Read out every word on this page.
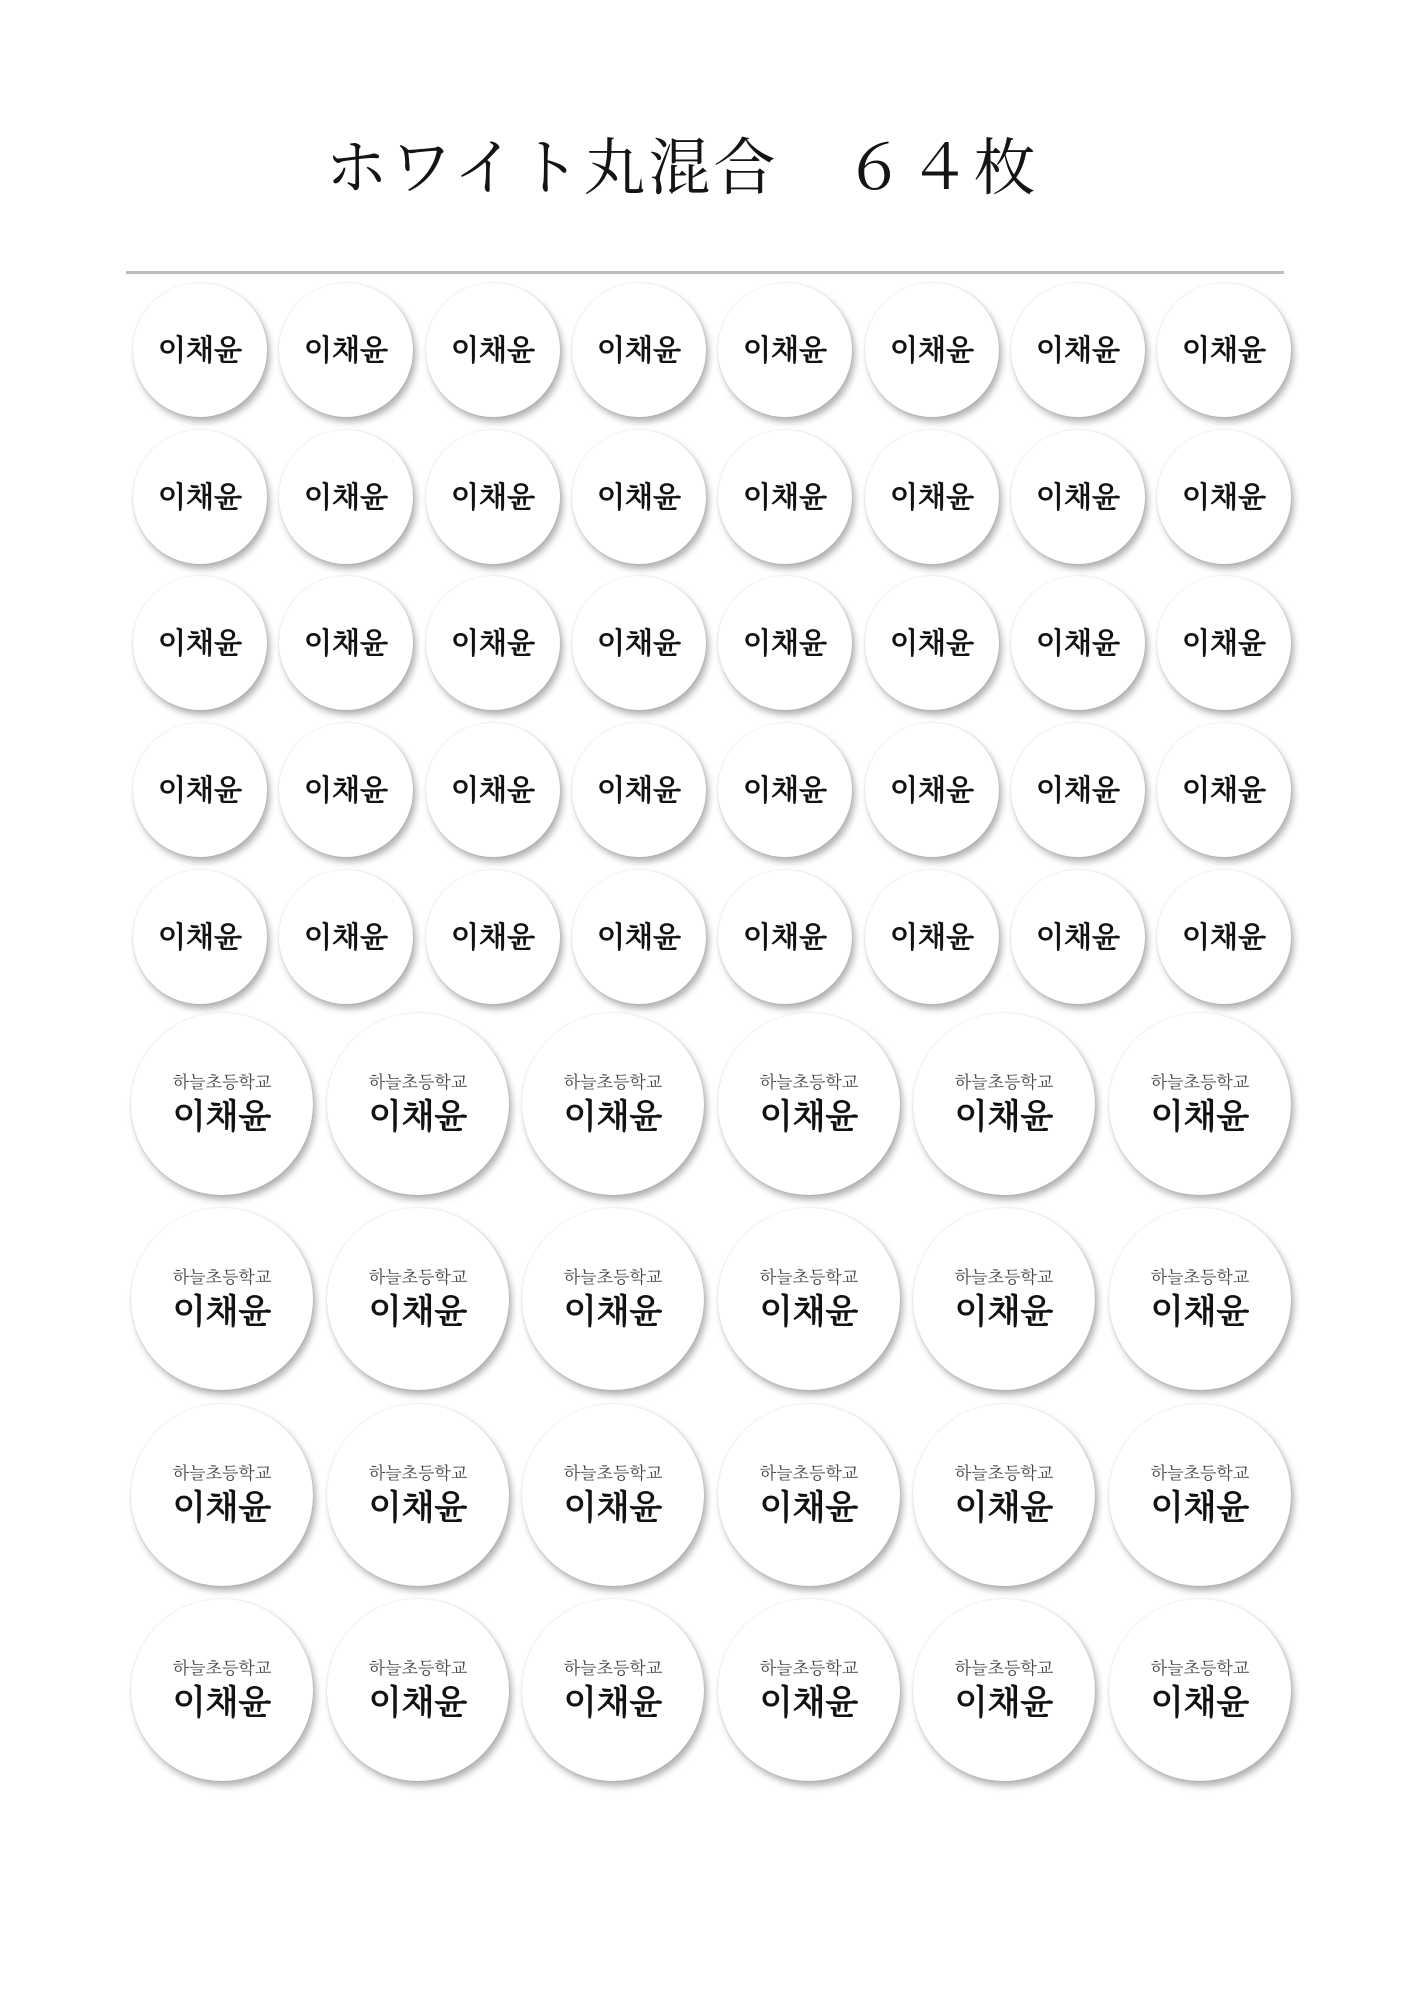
ホワイト丸混合　６４枚
이채윤 이채윤 이채윤 이채윤 이채윤 이채윤 이채윤 이채윤
이채윤 이채윤 이채윤 이채윤 이채윤 이채윤 이채윤 이채윤
이채윤 이채윤 이채윤 이채윤 이채윤 이채윤 이채윤 이채윤
이채윤 이채윤 이채윤 이채윤 이채윤 이채윤 이채윤 이채윤
이채윤 이채윤 이채윤 이채윤 이채윤 이채윤 이채윤 이채윤
하늘초등학교
이채윤
하늘초등학교
이채윤
하늘초등학교
이채윤
하늘초등학교
이채윤
하늘초등학교
이채윤
하늘초등학교
이채윤
하늘초등학교
이채윤
하늘초등학교
이채윤
하늘초등학교
이채윤
하늘초등학교
이채윤
하늘초등학교
이채윤
하늘초등학교
이채윤
하늘초등학교
이채윤
하늘초등학교
이채윤
하늘초등학교
이채윤
하늘초등학교
이채윤
하늘초등학교
이채윤
하늘초등학교
이채윤
하늘초등학교
이채윤
하늘초등학교
이채윤
하늘초등학교
이채윤
하늘초등학교
이채윤
하늘초등학교
이채윤
하늘초등학교
이채윤
